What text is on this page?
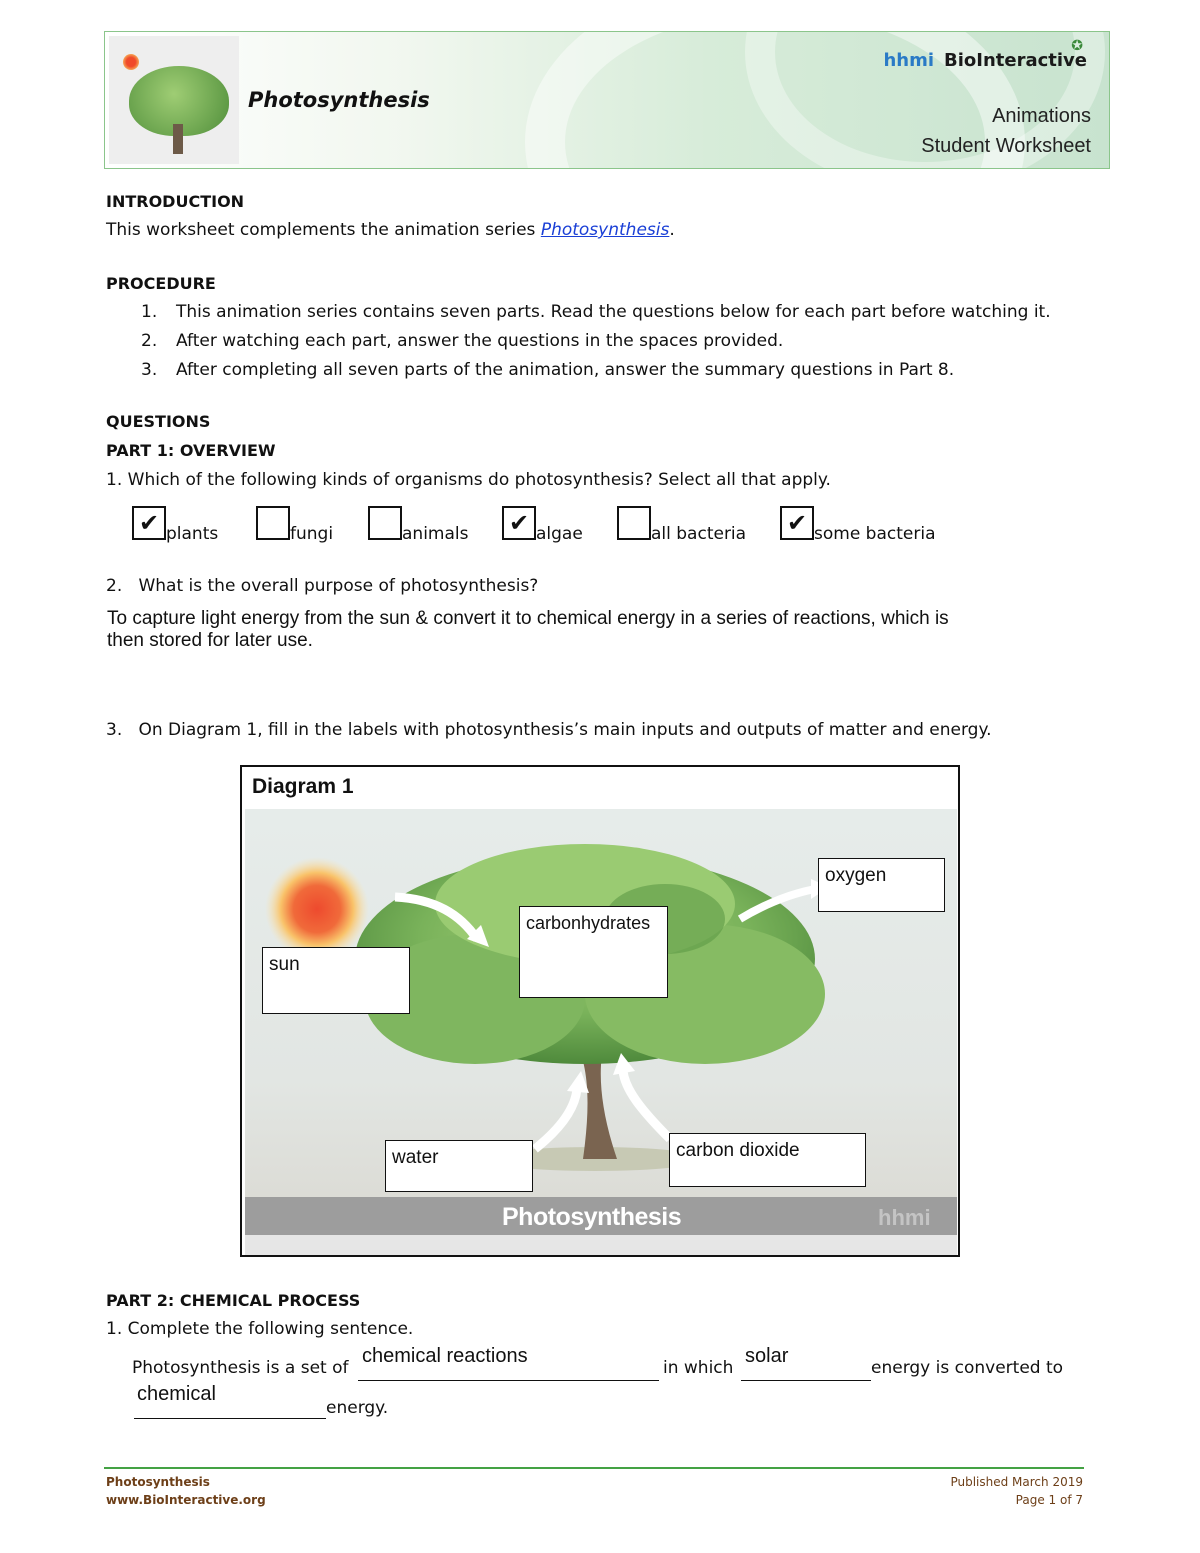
Photosynthesis
✪
hhmi BioInteractive
Animations
Student Worksheet
INTRODUCTION
This worksheet complements the animation series Photosynthesis.
PROCEDURE
1. This animation series contains seven parts. Read the questions below for each part before watching it.
2. After watching each part, answer the questions in the spaces provided.
3. After completing all seven parts of the animation, answer the summary questions in Part 8.
QUESTIONS
PART 1: OVERVIEW
1. Which of the following kinds of organisms do photosynthesis? Select all that apply.
✔ plants	fungi	animals ✔ algae	all bacteria ✔ some bacteria
2. What is the overall purpose of photosynthesis?
To capture light energy from the sun & convert it to chemical energy in a series of reactions, which is
then stored for later use.
3. On Diagram 1, fill in the labels with photosynthesis’s main inputs and outputs of matter and energy.
Diagram 1
Photosynthesis	hhmi
sun
carbonhydrates
oxygen
water	carbon dioxide
PART 2: CHEMICAL PROCESS
1. Complete the following sentence.
Photosynthesis is a set of
chemical reactions
in which
solar
energy is converted to
chemical
energy.
Photosynthesis
www.BioInteractive.org
Published March 2019
Page 1 of 7
